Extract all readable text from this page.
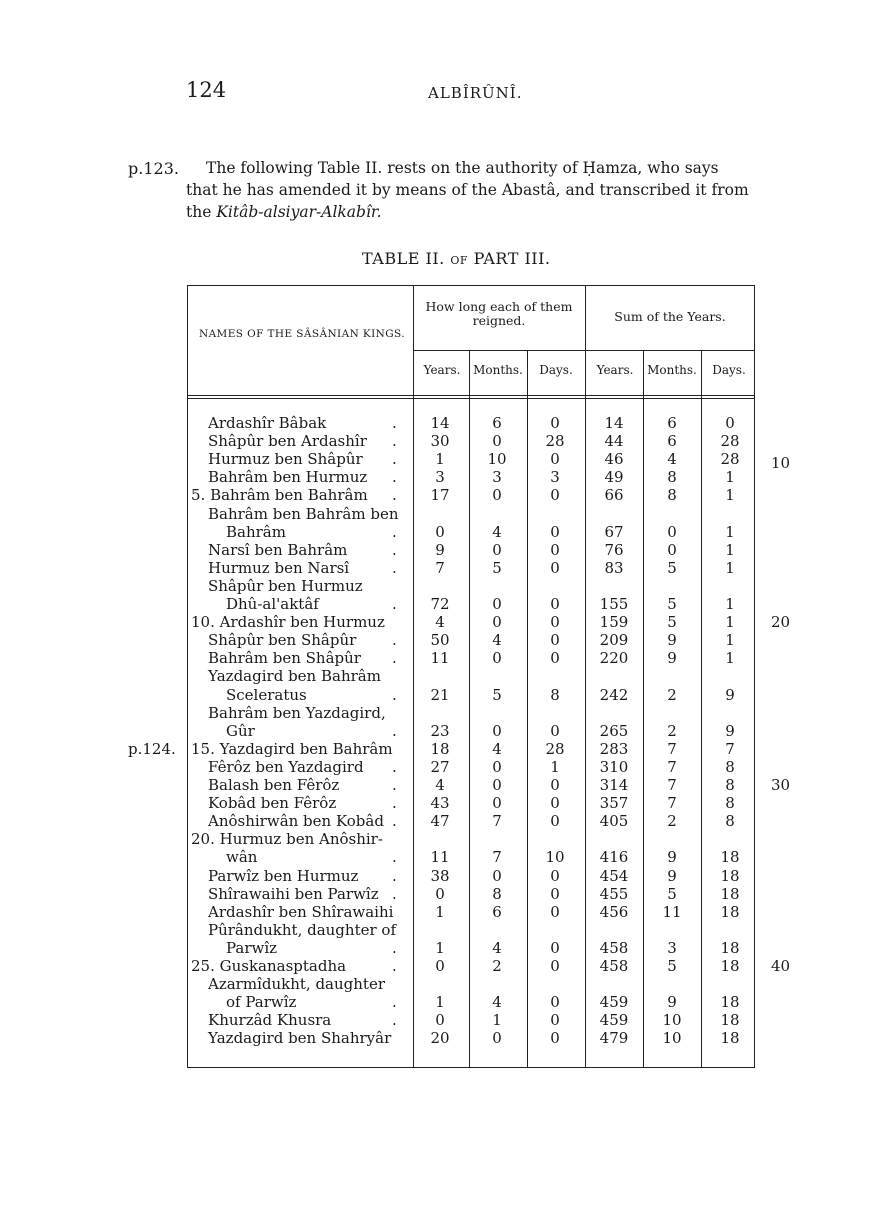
124	ALBÎRÛNÎ.
p.123.	The following Table II. rests on the authority of Ḥamza, who says
that he has amended it by means of the Abastâ, and transcribed it from
the Kitâb-alsiyar-Alkabîr.
TABLE II. OF PART III.
NAMES OF THE SÂSÂNIAN KINGS.
How long each of them reigned.	Sum of the Years.
Years.	Months.	Days.	Years.	Months.	Days.
Ardashîr Bâbak	.	14	6	0	14	6	0
Shâpûr ben Ardashîr .	30	0	28	44	6	28
Hurmuz ben Shâpûr .	1	10	0	46	4	28
Bahrâm ben Hurmuz .	3	3	3	49	8	1
5. Bahrâm ben Bahrâm .	17	0	0	66	8	1
Bahrâm ben Bahrâm ben
Bahrâm	.	0	4	0	67	0	1
Narsî ben Bahrâm	.	9	0	0	76	0	1
Hurmuz ben Narsî	.	7	5	0	83	5	1
Shâpûr ben Hurmuz
Dhû-al'aktâf	.	72	0	0	155	5	1
10. Ardashîr ben Hurmuz	4	0	0	159	5	1
Shâpûr ben Shâpûr .	50	4	0	209	9	1
Bahrâm ben Shâpûr .	11	0	0	220	9	1
Yazdagird ben Bahrâm
Sceleratus	.	21	5	8	242	2	9
Bahrâm ben Yazdagird,
Gûr	.	23	0	0	265	2	9
15. Yazdagird ben Bahrâm	18	4	28	283	7	7
Fêrôz ben Yazdagird .	27	0	1	310	7	8
Balash ben Fêrôz	.	4	0	0	314	7	8
Kobâd ben Fêrôz	.	43	0	0	357	7	8
Anôshirwân ben Kobâd .	47	7	0	405	2	8
20. Hurmuz ben Anôshir-
wân	.	11	7	10	416	9	18
Parwîz ben Hurmuz .	38	0	0	454	9	18
Shîrawaihi ben Parwîz .	0	8	0	455	5	18
Ardashîr ben Shîrawaihi	1	6	0	456	11	18
Pûrândukht, daughter of
Parwîz	.	1	4	0	458	3	18
25. Guskanasptadha	.	0	2	0	458	5	18
Azarmîdukht, daughter
of Parwîz	.	1	4	0	459	9	18
Khurzâd Khusra	.	0	1	0	459	10	18
Yazdagird ben Shahryâr	20	0	0	479	10	18
p.124.
10
20
30
40
